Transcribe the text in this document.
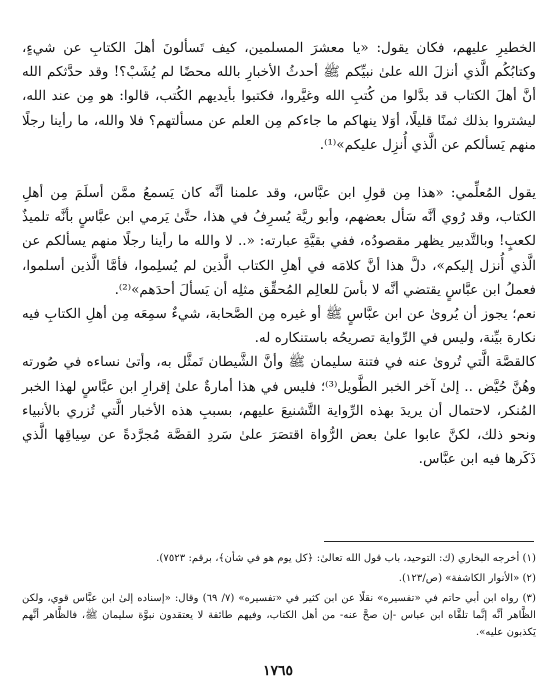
الخطيرِ عليهم، فكان يقول: «يا معشرَ المسلمين، كيف تَسألونَ أهلَ الكتابِ عن شيءٍ، وكتابُكُم الَّذي أنزلَ الله علىٰ نبيِّكم ﷺ أحدثُ الأخبارِ بالله محضًا لم يُشَبْ؟! وقد حدَّثكم الله أنَّ أهلَ الكتاب قد بدَّلوا من كُتبِ الله وغيَّروا، فكتبوا بأيديهم الكُتب، قالوا: هو مِن عند الله، ليشتروا بذلك ثمنًا قليلًا، أوَلا ينهاكم ما جاءكم مِن العلم عن مسألتهم؟ فلا والله، ما رأينا رجلًا منهم يَسألكم عن الَّذي أُنزِل عليكم»⁽¹⁾.

يقول المُعلِّمي: «هذا مِن قولِ ابن عبَّاس، وقد علمنا أنَّه كان يَسمعُ ممَّن أسلَمَ مِن أهلِ الكتاب، وقد رُوي أنَّه سَأل بعضهم، وأبو ريَّة يُسرِفُ في هذا، حتَّىٰ يَرمي ابن عبَّاسٍ بأنَّه تلميذٌ لكعبٍ! وبالتَّدبير يظهر مقصودُه، ففي بقيَّةِ عبارته: «.. لا والله ما رأينا رجلًا منهم يسألكم عن الَّذي أُنزل إليكم»، دلَّ هذا أنَّ كلامَه في أهلِ الكتاب الَّذين لم يُسلِموا، فأمَّا الَّذين أسلموا، فعملُ ابن عبَّاسٍ يقتضي أنَّه لا بأسَ للعالِم المُحقِّق مثلِه أن يَسألَ أحدَهم»⁽²⁾.

نعم؛ يجوز أن يُروىٰ عن ابن عبَّاسٍ ﷺ أو غيره مِن الصَّحابة، شيءٌ سمِعَه مِن أهلِ الكتابِ فيه نكارة بيِّنة، وليس في الرِّواية تصريحُه باستنكاره له.

كالقصَّة الَّتي تُروىٰ عنه في فتنة سليمان ﷺ وأنَّ الشَّيطان تَمثَّل به، وأتىٰ نساءه في صُورته وهُنَّ حُيَّض .. إلىٰ آخر الخبر الطَّويل⁽³⁾؛ فليس في هذا أمارةٌ علىٰ إقرارِ ابن عبَّاسٍ لهذا الخبر المُنكر، لاحتمال أن يريدَ بهذه الرِّواية التَّشنيعَ عليهم، بسببِ هذه الأخبار الَّتي تُزري بالأنبياء ونحو ذلك، لكنَّ عابوا علىٰ بعض الرُّواة اقتصَرَ علىٰ سَردِ القصَّة مُجرَّدةً عن سِياقِها الَّذي ذَكَرها فيه ابن عبَّاس.

(١) أخرجه البخاري (ك: التوحيد، باب قول الله تعالىٰ: ﴿كل يوم هو في شأن﴾، برقم: ٧٥٢٣).

(٢) «الأنوار الكاشفة» (ص/١٢٣).

(٣) رواه ابن أبي حاتم في «تفسيره» نقلًا عن ابن كثير في «تفسيره» (٧/ ٦٩) وقال: «إسناده إلىٰ ابن عبَّاس قوي، ولكن الظَّاهر أنَّه إنَّما تلقَّاه ابن عباس -إن صحَّ عنه- من أهل الكتاب، وفيهم طائفة لا يعتقدون نبوَّة سليمان ﷺ، فالظَّاهر أنَّهم يَكذبون عليه».

١٧٦٥
